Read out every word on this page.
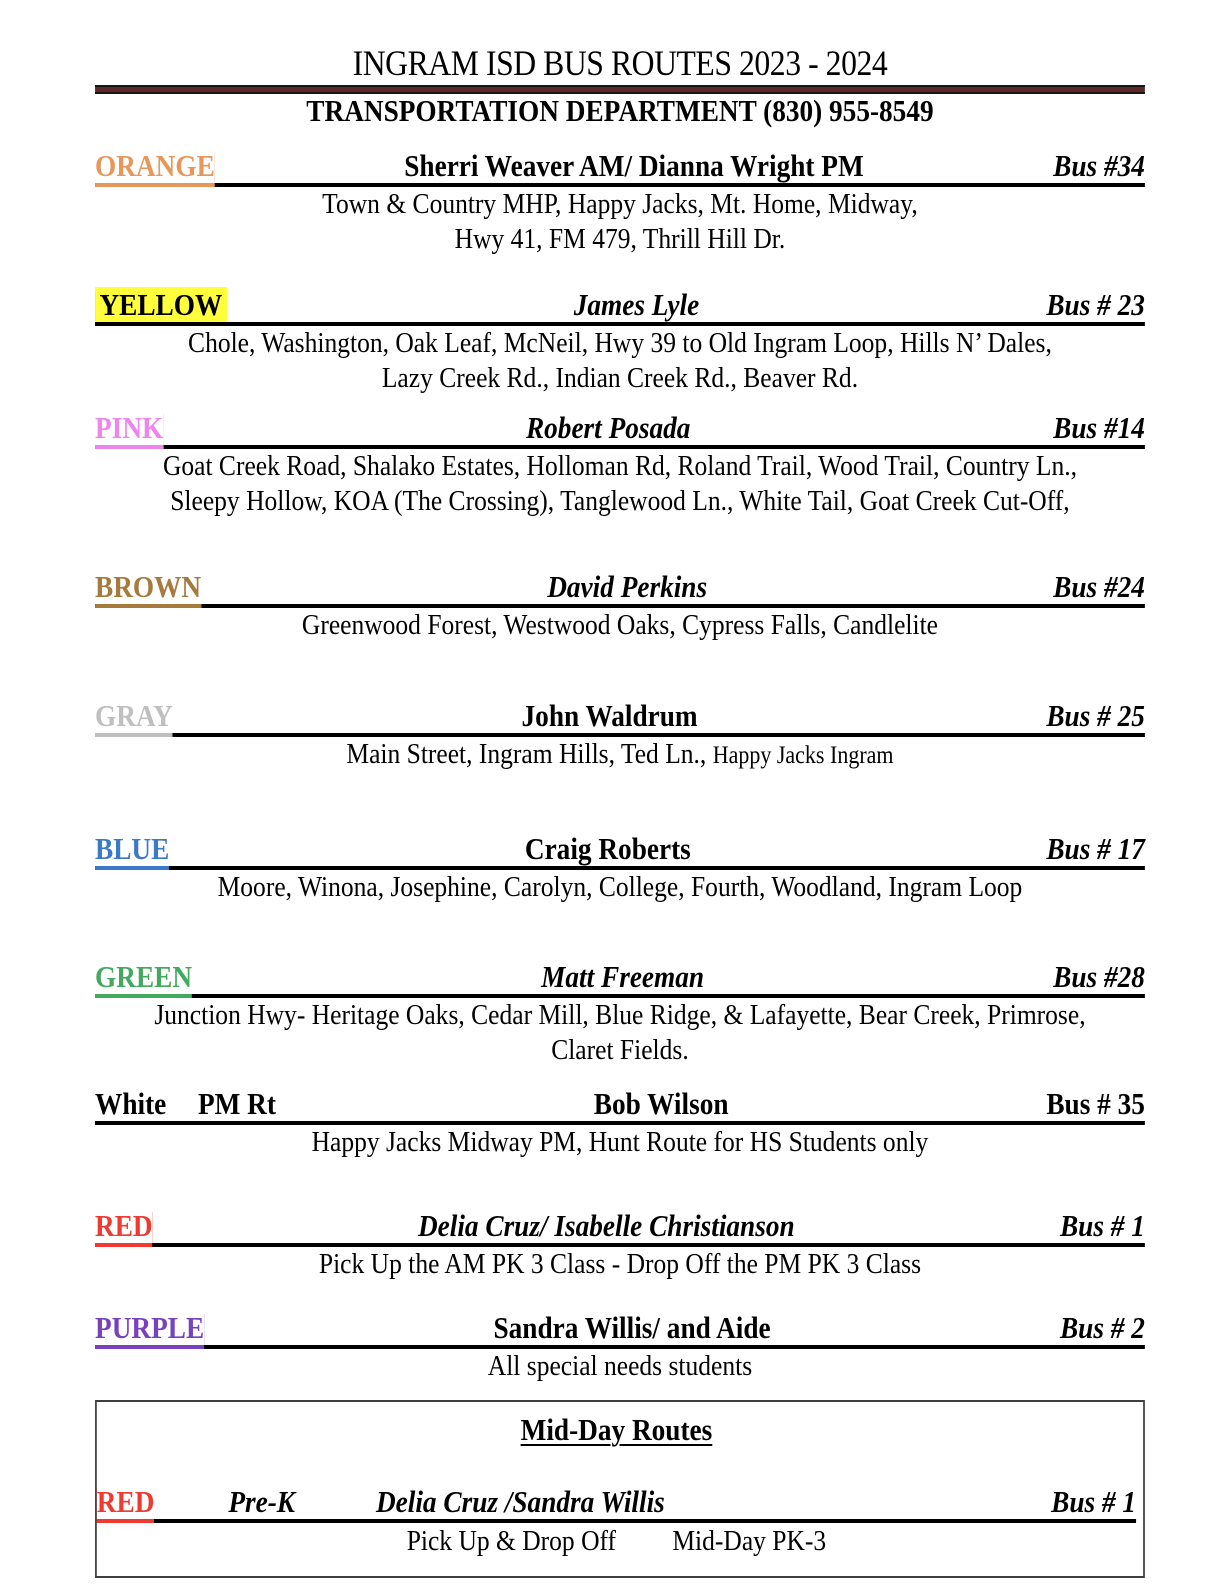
INGRAM ISD BUS ROUTES 2023 - 2024
TRANSPORTATION DEPARTMENT (830) 955-8549
ORANGE	Sherri Weaver AM/ Dianna Wright PM	Bus #34
Town & Country MHP, Happy Jacks, Mt. Home, Midway,
Hwy 41, FM 479, Thrill Hill Dr.
YELLOW	James Lyle	Bus # 23
Chole, Washington, Oak Leaf, McNeil, Hwy 39 to Old Ingram Loop, Hills N’ Dales,
Lazy Creek Rd., Indian Creek Rd., Beaver Rd.
PINK	Robert Posada	Bus #14
Goat Creek Road, Shalako Estates, Holloman Rd, Roland Trail, Wood Trail, Country Ln.,
Sleepy Hollow, KOA (The Crossing), Tanglewood Ln., White Tail, Goat Creek Cut-Off,
BROWN	David Perkins	Bus #24
Greenwood Forest, Westwood Oaks, Cypress Falls, Candlelite
GRAY	John Waldrum	Bus # 25
Main Street, Ingram Hills, Ted Ln., Happy Jacks Ingram
BLUE	Craig Roberts	Bus # 17
Moore, Winona, Josephine, Carolyn, College, Fourth, Woodland, Ingram Loop
GREEN	Matt Freeman	Bus #28
Junction Hwy- Heritage Oaks, Cedar Mill, Blue Ridge, & Lafayette, Bear Creek, Primrose,
Claret Fields.
White PM Rt	Bob Wilson	Bus # 35
Happy Jacks Midway PM, Hunt Route for HS Students only
RED	Delia Cruz/ Isabelle Christianson	Bus # 1
Pick Up the AM PK 3 Class - Drop Off the PM PK 3 Class
PURPLE	Sandra Willis/ and Aide	Bus # 2
All special needs students
Mid-Day Routes
RED Pre-K	Delia Cruz /Sandra Willis	Bus # 1
Pick Up & Drop Off Mid-Day PK-3
